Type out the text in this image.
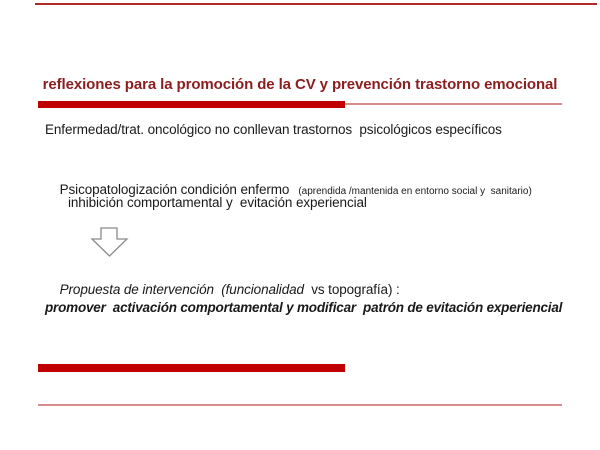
reflexiones para la promoción de la CV y prevención trastorno emocional
Enfermedad/trat. oncológico no conllevan trastornos  psicológicos específicos

Psicopatologización condición enfermo (aprendida /mantenida en entorno social y  sanitario)

inhibición comportamental y  evitación experiencial

Propuesta de intervención  (funcionalidad  vs topografía) :

promover  activación comportamental y modificar  patrón de evitación experiencial
